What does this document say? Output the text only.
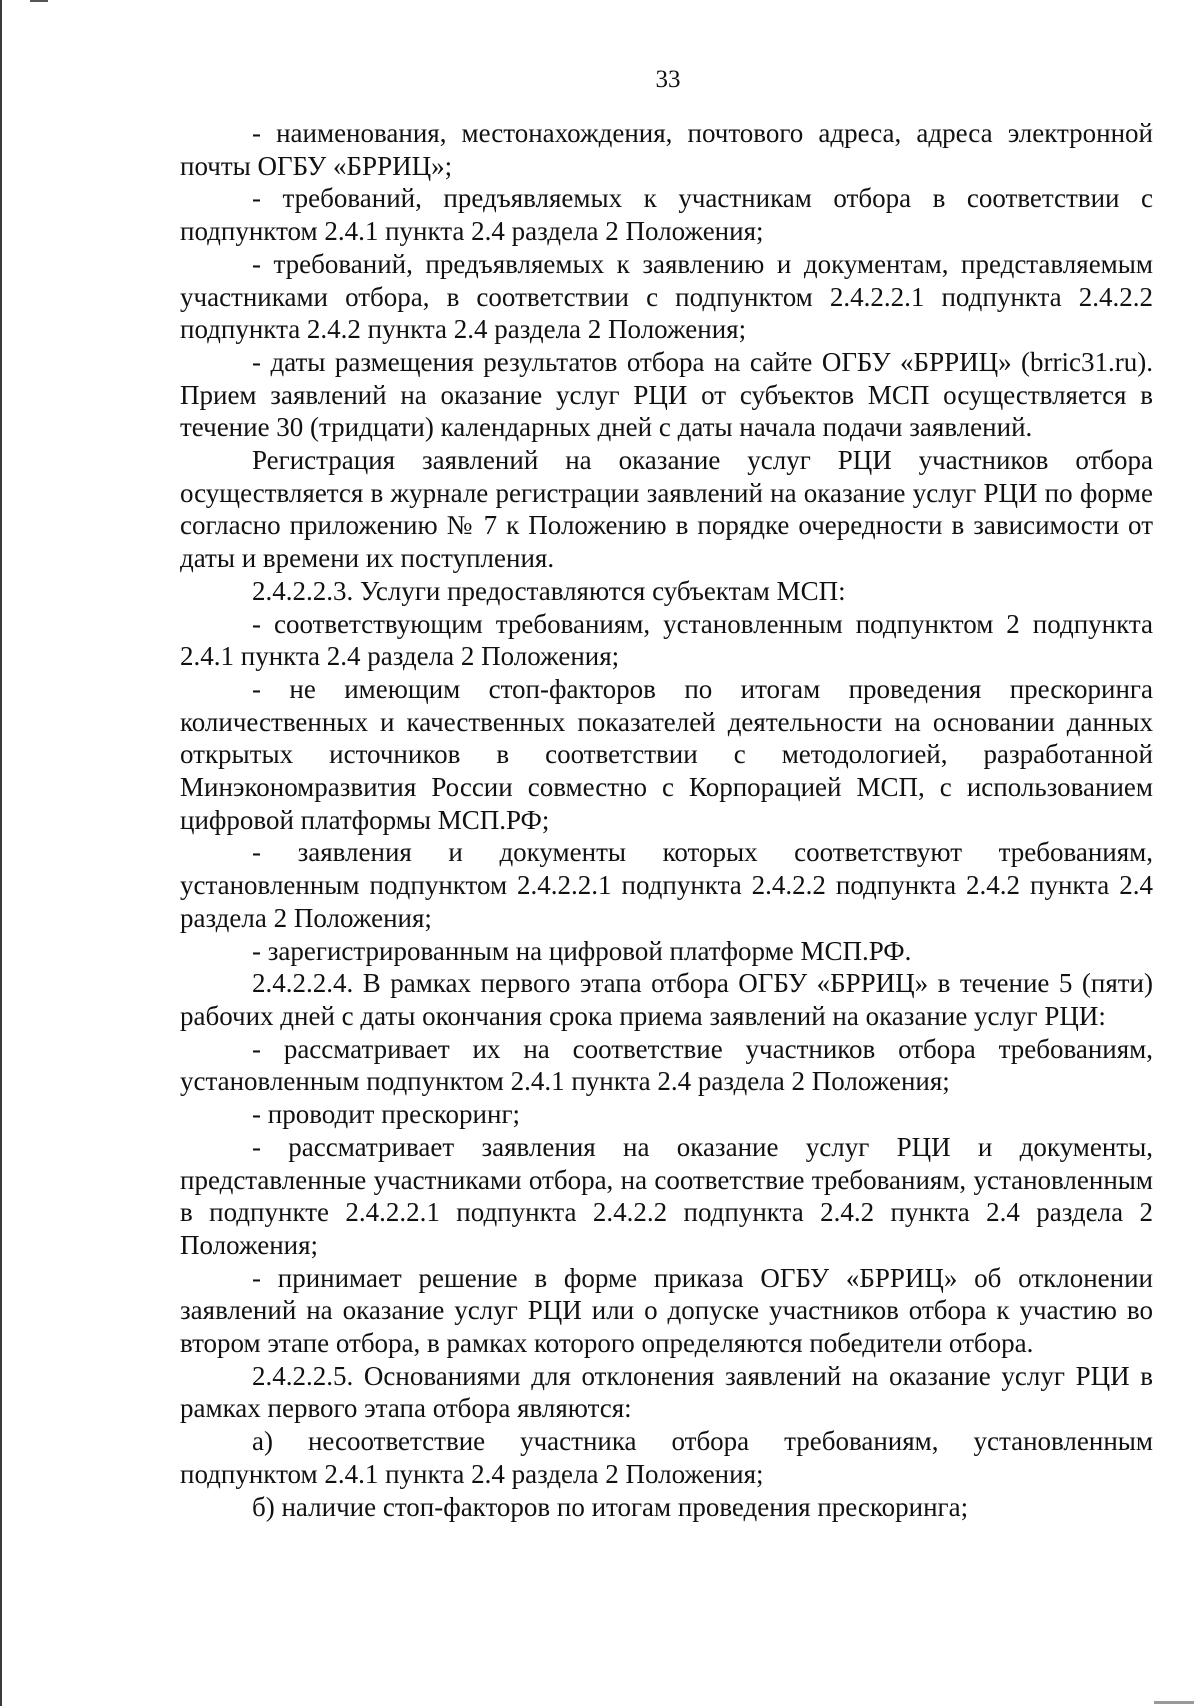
33

- наименования, местонахождения, почтового адреса, адреса электронной почты ОГБУ «БРРИЦ»;

- требований, предъявляемых к участникам отбора в соответствии с подпунктом 2.4.1 пункта 2.4 раздела 2 Положения;

- требований, предъявляемых к заявлению и документам, представляемым участниками отбора, в соответствии с подпунктом 2.4.2.2.1 подпункта 2.4.2.2 подпункта 2.4.2 пункта 2.4 раздела 2 Положения;

- даты размещения результатов отбора на сайте ОГБУ «БРРИЦ» (brric31.ru). Прием заявлений на оказание услуг РЦИ от субъектов МСП осуществляется в течение 30 (тридцати) календарных дней с даты начала подачи заявлений.

Регистрация заявлений на оказание услуг РЦИ участников отбора осуществляется в журнале регистрации заявлений на оказание услуг РЦИ по форме согласно приложению № 7 к Положению в порядке очередности в зависимости от даты и времени их поступления.

2.4.2.2.3. Услуги предоставляются субъектам МСП:

- соответствующим требованиям, установленным подпунктом 2 подпункта 2.4.1 пункта 2.4 раздела 2 Положения;

- не имеющим стоп-факторов по итогам проведения прескоринга количественных и качественных показателей деятельности на основании данных открытых источников в соответствии с методологией, разработанной Минэкономразвития России совместно с Корпорацией МСП, с использованием цифровой платформы МСП.РФ;

- заявления и документы которых соответствуют требованиям, установленным подпунктом 2.4.2.2.1 подпункта 2.4.2.2 подпункта 2.4.2 пункта 2.4 раздела 2 Положения;

- зарегистрированным на цифровой платформе МСП.РФ.

2.4.2.2.4. В рамках первого этапа отбора ОГБУ «БРРИЦ» в течение 5 (пяти) рабочих дней с даты окончания срока приема заявлений на оказание услуг РЦИ:

- рассматривает их на соответствие участников отбора требованиям, установленным подпунктом 2.4.1 пункта 2.4 раздела 2 Положения;

- проводит прескоринг;

- рассматривает заявления на оказание услуг РЦИ и документы, представленные участниками отбора, на соответствие требованиям, установленным в подпункте 2.4.2.2.1 подпункта 2.4.2.2 подпункта 2.4.2 пункта 2.4 раздела 2 Положения;

- принимает решение в форме приказа ОГБУ «БРРИЦ» об отклонении заявлений на оказание услуг РЦИ или о допуске участников отбора к участию во втором этапе отбора, в рамках которого определяются победители отбора.

2.4.2.2.5. Основаниями для отклонения заявлений на оказание услуг РЦИ в рамках первого этапа отбора являются:

а) несоответствие участника отбора требованиям, установленным подпунктом 2.4.1 пункта 2.4 раздела 2 Положения;

б) наличие стоп-факторов по итогам проведения прескоринга;
